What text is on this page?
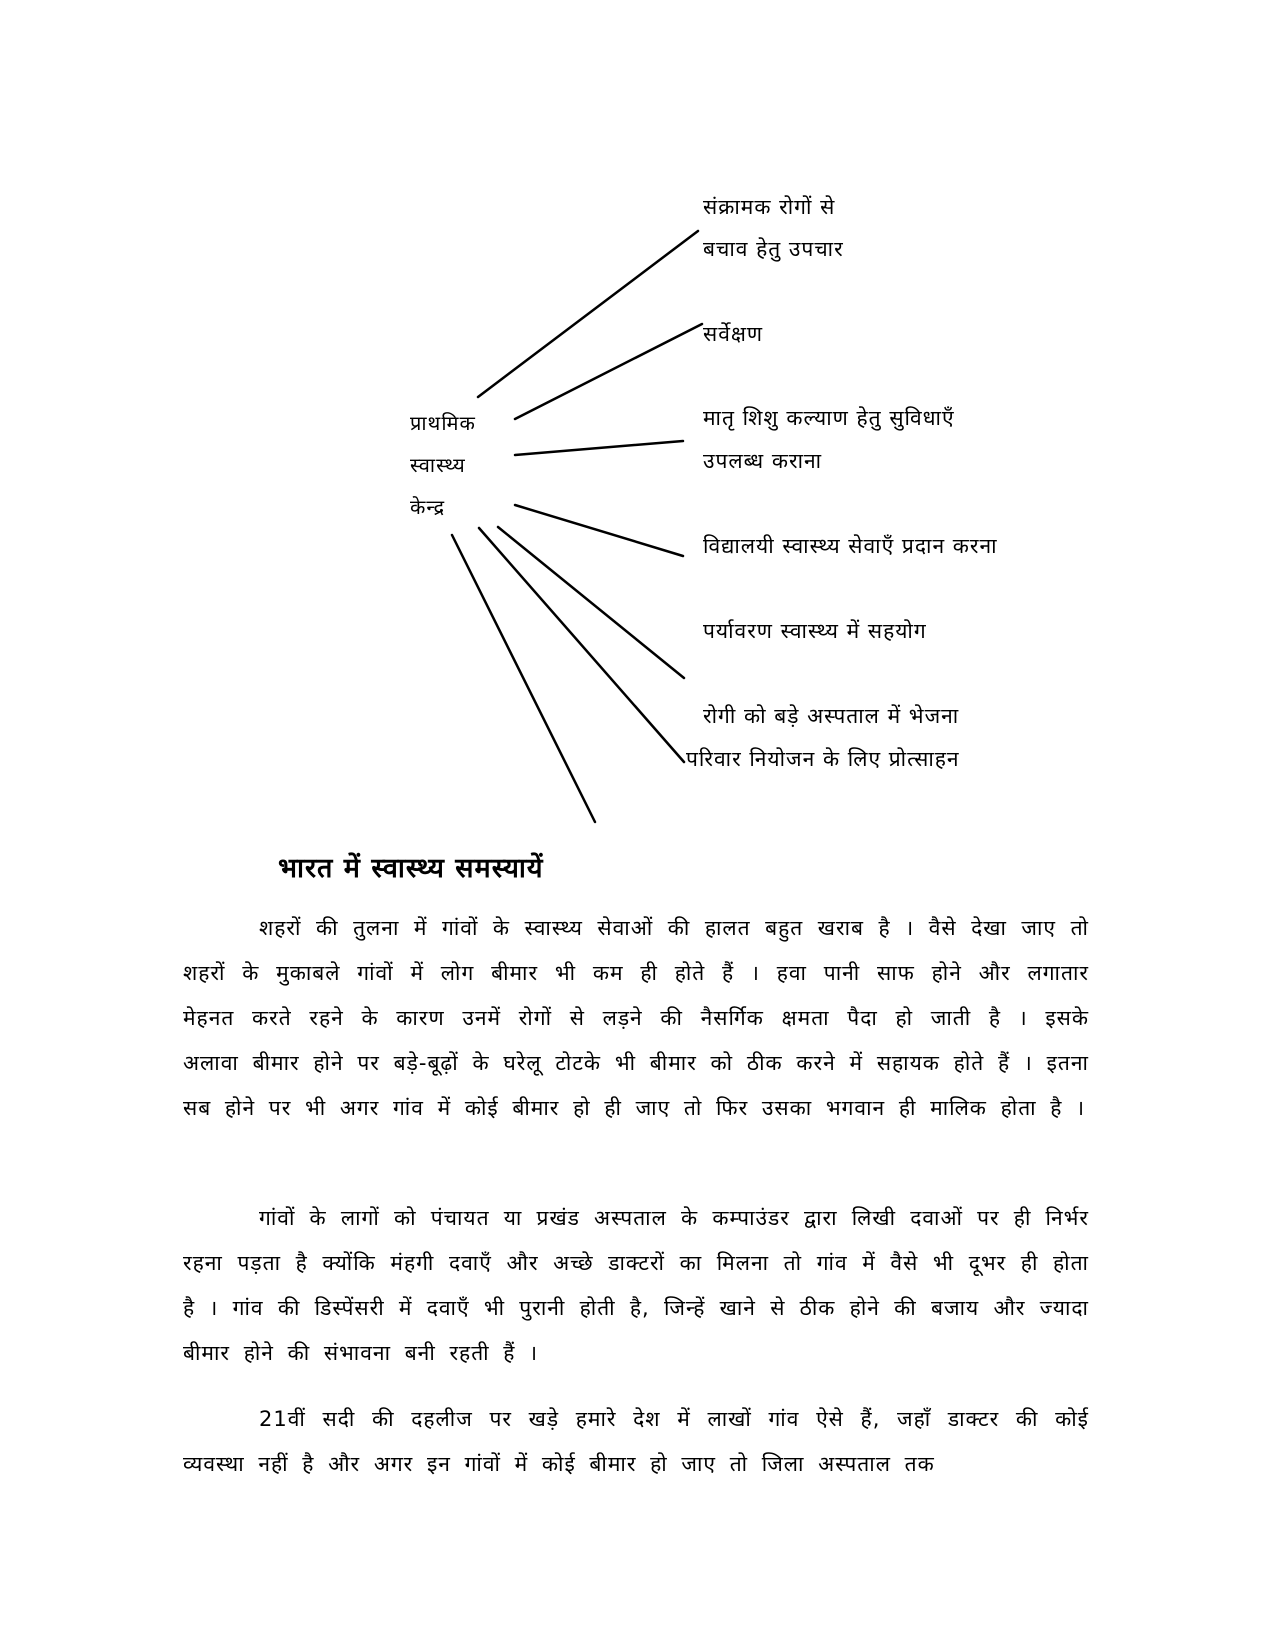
प्राथमिक
स्वास्थ्य
केन्द्र
संक्रामक रोगों से
बचाव हेतु उपचार
सर्वेक्षण
मातृ शिशु कल्याण हेतु सुविधाएँ
उपलब्ध कराना
विद्यालयी स्वास्थ्य सेवाएँ प्रदान करना
पर्यावरण स्वास्थ्य में सहयोग
रोगी को बड़े अस्पताल में भेजना
परिवार नियोजन के लिए प्रोत्साहन
भारत में स्वास्थ्य समस्यायें
शहरों की तुलना में गांवों के स्वास्थ्य सेवाओं की हालत बहुत खराब है । वैसे देखा जाए तो शहरों के मुकाबले गांवों में लोग बीमार भी कम ही होते हैं । हवा पानी साफ होने और लगातार मेहनत करते रहने के कारण उनमें रोगों से लड़ने की नैसर्गिक क्षमता पैदा हो जाती है । इसके अलावा बीमार होने पर बड़े-बूढ़ों के घरेलू टोटके भी बीमार को ठीक करने में सहायक होते हैं । इतना सब होने पर भी अगर गांव में कोई बीमार हो ही जाए तो फिर उसका भगवान ही मालिक होता है ।
गांवों के लागों को पंचायत या प्रखंड अस्पताल के कम्पाउंडर द्वारा लिखी दवाओं पर ही निर्भर रहना पड़ता है क्योंकि मंहगी दवाएँ और अच्छे डाक्टरों का मिलना तो गांव में वैसे भी दूभर ही होता है । गांव की डिस्पेंसरी में दवाएँ भी पुरानी होती है, जिन्हें खाने से ठीक होने की बजाय और ज्यादा बीमार होने की संभावना बनी रहती हैं ।
21वीं सदी की दहलीज पर खड़े हमारे देश में लाखों गांव ऐसे हैं, जहाँ डाक्टर की कोई व्यवस्था नहीं है और अगर इन गांवों में कोई बीमार हो जाए तो जिला अस्पताल तक
